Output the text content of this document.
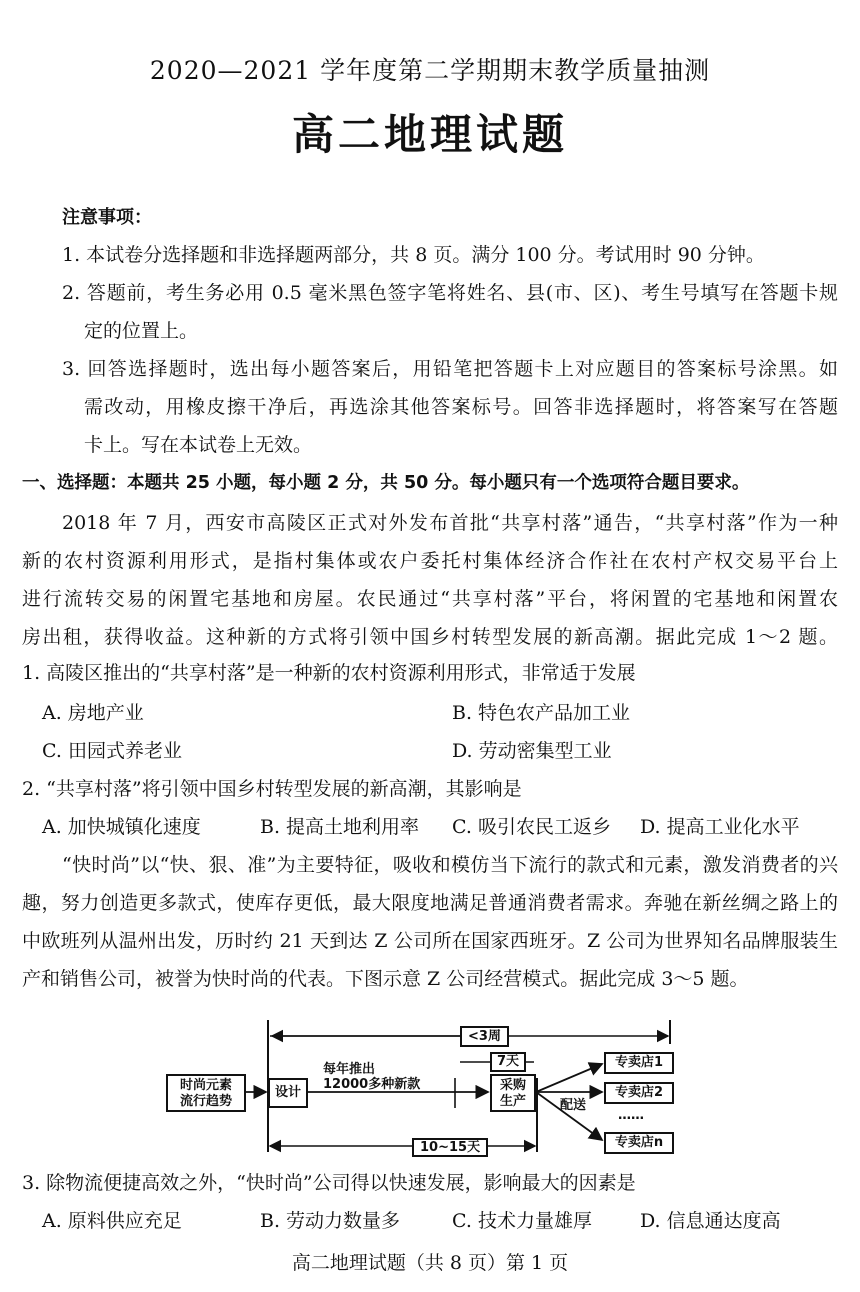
2020—2021 学年度第二学期期末教学质量抽测
高二地理试题
注意事项：
1. 本试卷分选择题和非选择题两部分，共 8 页。满分 100 分。考试用时 90 分钟。
2. 答题前，考生务必用 0.5 毫米黑色签字笔将姓名、县(市、区)、考生号填写在答题卡规
定的位置上。
3. 回答选择题时，选出每小题答案后，用铅笔把答题卡上对应题目的答案标号涂黑。如
需改动，用橡皮擦干净后，再选涂其他答案标号。回答非选择题时，将答案写在答题
卡上。写在本试卷上无效。
一、选择题：本题共 25 小题，每小题 2 分，共 50 分。每小题只有一个选项符合题目要求。
2018 年 7 月，西安市高陵区正式对外发布首批“共享村落”通告，“共享村落”作为一种
新的农村资源利用形式，是指村集体或农户委托村集体经济合作社在农村产权交易平台上
进行流转交易的闲置宅基地和房屋。农民通过“共享村落”平台，将闲置的宅基地和闲置农
房出租，获得收益。这种新的方式将引领中国乡村转型发展的新高潮。据此完成 1～2 题。
1. 高陵区推出的“共享村落”是一种新的农村资源利用形式，非常适于发展
A. 房地产业	B. 特色农产品加工业
C. 田园式养老业	D. 劳动密集型工业
2. “共享村落”将引领中国乡村转型发展的新高潮，其影响是
A. 加快城镇化速度	B. 提高土地利用率 C. 吸引农民工返乡 D. 提高工业化水平
“快时尚”以“快、狠、准”为主要特征，吸收和模仿当下流行的款式和元素，激发消费者的兴
趣，努力创造更多款式，使库存更低，最大限度地满足普通消费者需求。奔驰在新丝绸之路上的
中欧班列从温州出发，历时约 21 天到达 Z 公司所在国家西班牙。Z 公司为世界知名品牌服装生
产和销售公司，被誉为快时尚的代表。下图示意 Z 公司经营模式。据此完成 3～5 题。
<3周
时尚元素
流行趋势
设计
每年推出
12000多种新款
7天
采购
生产	配送
专卖店1
专卖店2
……
专卖店n
10~15天
3. 除物流便捷高效之外，“快时尚”公司得以快速发展，影响最大的因素是
A. 原料供应充足	B. 劳动力数量多	C. 技术力量雄厚	D. 信息通达度高
高二地理试题（共 8 页）第 1 页
